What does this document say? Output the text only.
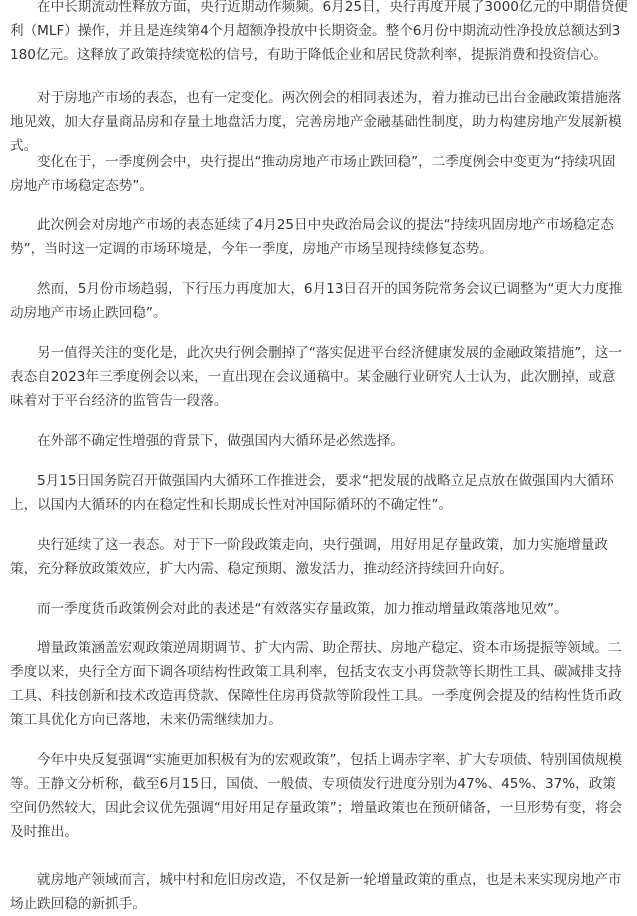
在中长期流动性释放方面，央行近期动作频频。6月25日，央行再度开展了3000亿元的中期借贷便利（MLF）操作，并且是连续第4个月超额净投放中长期资金。整个6月份中期流动性净投放总额达到3180亿元。这释放了政策持续宽松的信号，有助于降低企业和居民贷款利率，提振消费和投资信心。

对于房地产市场的表态，也有一定变化。两次例会的相同表述为，着力推动已出台金融政策措施落地见效，加大存量商品房和存量土地盘活力度，完善房地产金融基础性制度，助力构建房地产发展新模式。

变化在于，一季度例会中，央行提出“推动房地产市场止跌回稳”，二季度例会中变更为“持续巩固房地产市场稳定态势”。

此次例会对房地产市场的表态延续了4月25日中央政治局会议的提法“持续巩固房地产市场稳定态势”，当时这一定调的市场环境是，今年一季度，房地产市场呈现持续修复态势。

然而，5月份市场趋弱，下行压力再度加大，6月13日召开的国务院常务会议已调整为“更大力度推动房地产市场止跌回稳”。

另一值得关注的变化是，此次央行例会删掉了“落实促进平台经济健康发展的金融政策措施”，这一表态自2023年三季度例会以来，一直出现在会议通稿中。某金融行业研究人士认为，此次删掉，或意味着对于平台经济的监管告一段落。

在外部不确定性增强的背景下，做强国内大循环是必然选择。

5月15日国务院召开做强国内大循环工作推进会，要求“把发展的战略立足点放在做强国内大循环上，以国内大循环的内在稳定性和长期成长性对冲国际循环的不确定性”。

央行延续了这一表态。对于下一阶段政策走向，央行强调，用好用足存量政策，加力实施增量政策，充分释放政策效应，扩大内需、稳定预期、激发活力，推动经济持续回升向好。

而一季度货币政策例会对此的表述是“有效落实存量政策，加力推动增量政策落地见效”。

增量政策涵盖宏观政策逆周期调节、扩大内需、助企帮扶、房地产稳定、资本市场提振等领域。二季度以来，央行全方面下调各项结构性政策工具利率，包括支农支小再贷款等长期性工具、碳减排支持工具、科技创新和技术改造再贷款、保障性住房再贷款等阶段性工具。一季度例会提及的结构性货币政策工具优化方向已落地，未来仍需继续加力。

今年中央反复强调“实施更加积极有为的宏观政策”，包括上调赤字率、扩大专项债、特别国债规模等。王静文分析称，截至6月15日，国债、一般债、专项债发行进度分别为47%、45%、37%，政策空间仍然较大，因此会议优先强调“用好用足存量政策”；增量政策也在预研储备，一旦形势有变，将会及时推出。

就房地产领域而言，城中村和危旧房改造，不仅是新一轮增量政策的重点，也是未来实现房地产市场止跌回稳的新抓手。
